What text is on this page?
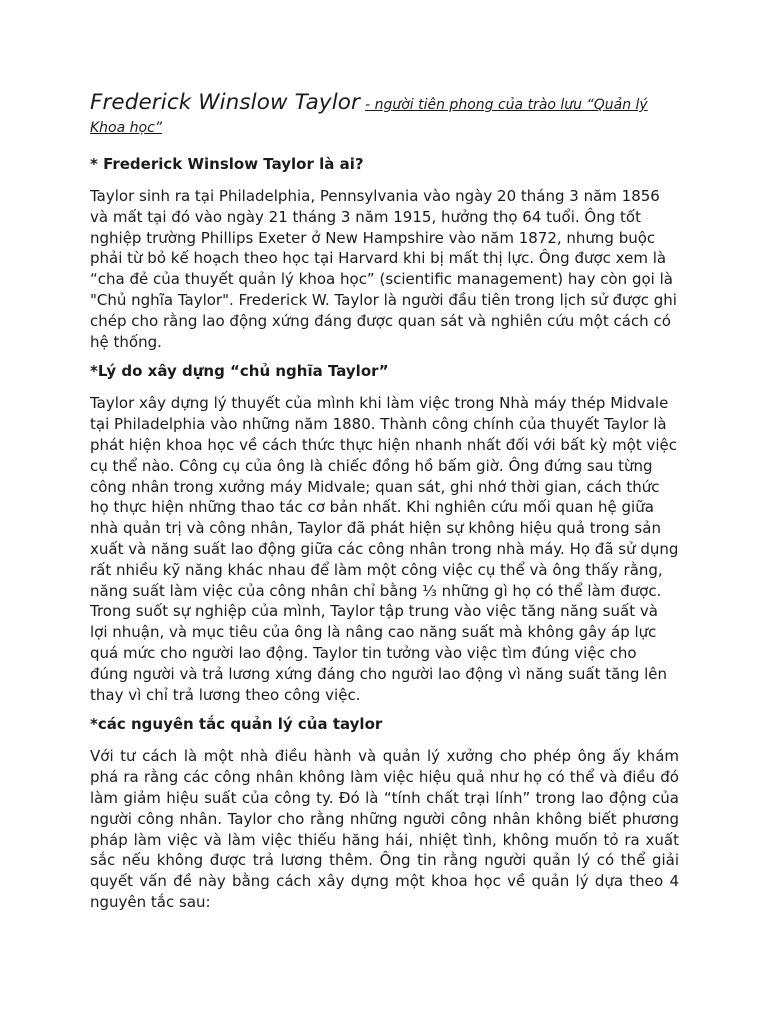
Frederick Winslow Taylor - người tiên phong của trào lưu “Quản lý Khoa học”
* Frederick Winslow Taylor là ai?

Taylor sinh ra tại Philadelphia, Pennsylvania vào ngày 20 tháng 3 năm 1856 và mất tại đó vào ngày 21 tháng 3 năm 1915, hưởng thọ 64 tuổi. Ông tốt nghiệp trường Phillips Exeter ở New Hampshire vào năm 1872, nhưng buộc phải từ bỏ kế hoạch theo học tại Harvard khi bị mất thị lực. Ông được xem là “cha đẻ của thuyết quản lý khoa học” (scientific management) hay còn gọi là "Chủ nghĩa Taylor". Frederick W. Taylor là người đầu tiên trong lịch sử được ghi chép cho rằng lao động xứng đáng được quan sát và nghiên cứu một cách có hệ thống.

*Lý do xây dựng “chủ nghĩa Taylor”

Taylor xây dựng lý thuyết của mình khi làm việc trong Nhà máy thép Midvale tại Philadelphia vào những năm 1880. Thành công chính của thuyết Taylor là phát hiện khoa học về cách thức thực hiện nhanh nhất đối với bất kỳ một việc cụ thể nào. Công cụ của ông là chiếc đồng hồ bấm giờ. Ông đứng sau từng công nhân trong xưởng máy Midvale; quan sát, ghi nhớ thời gian, cách thức họ thực hiện những thao tác cơ bản nhất. Khi nghiên cứu mối quan hệ giữa nhà quản trị và công nhân, Taylor đã phát hiện sự không hiệu quả trong sản xuất và năng suất lao động giữa các công nhân trong nhà máy. Họ đã sử dụng rất nhiều kỹ năng khác nhau để làm một công việc cụ thể và ông thấy rằng, năng suất làm việc của công nhân chỉ bằng ⅓ những gì họ có thể làm được. Trong suốt sự nghiệp của mình, Taylor tập trung vào việc tăng năng suất và lợi nhuận, và mục tiêu của ông là nâng cao năng suất mà không gây áp lực quá mức cho người lao động. Taylor tin tưởng vào việc tìm đúng việc cho đúng người và trả lương xứng đáng cho người lao động vì năng suất tăng lên thay vì chỉ trả lương theo công việc.

*các nguyên tắc quản lý của taylor

Với tư cách là một nhà điều hành và quản lý xưởng cho phép ông ấy khám phá ra rằng các công nhân không làm việc hiệu quả như họ có thể và điều đó làm giảm hiệu suất của công ty. Đó là “tính chất trại lính” trong lao động của người công nhân. Taylor cho rằng những người công nhân không biết phương pháp làm việc và làm việc thiếu hăng hái, nhiệt tình, không muốn tỏ ra xuất sắc nếu không được trả lương thêm. Ông tin rằng người quản lý có thể giải quyết vấn đề này bằng cách xây dựng một khoa học về quản lý dựa theo 4 nguyên tắc sau:
